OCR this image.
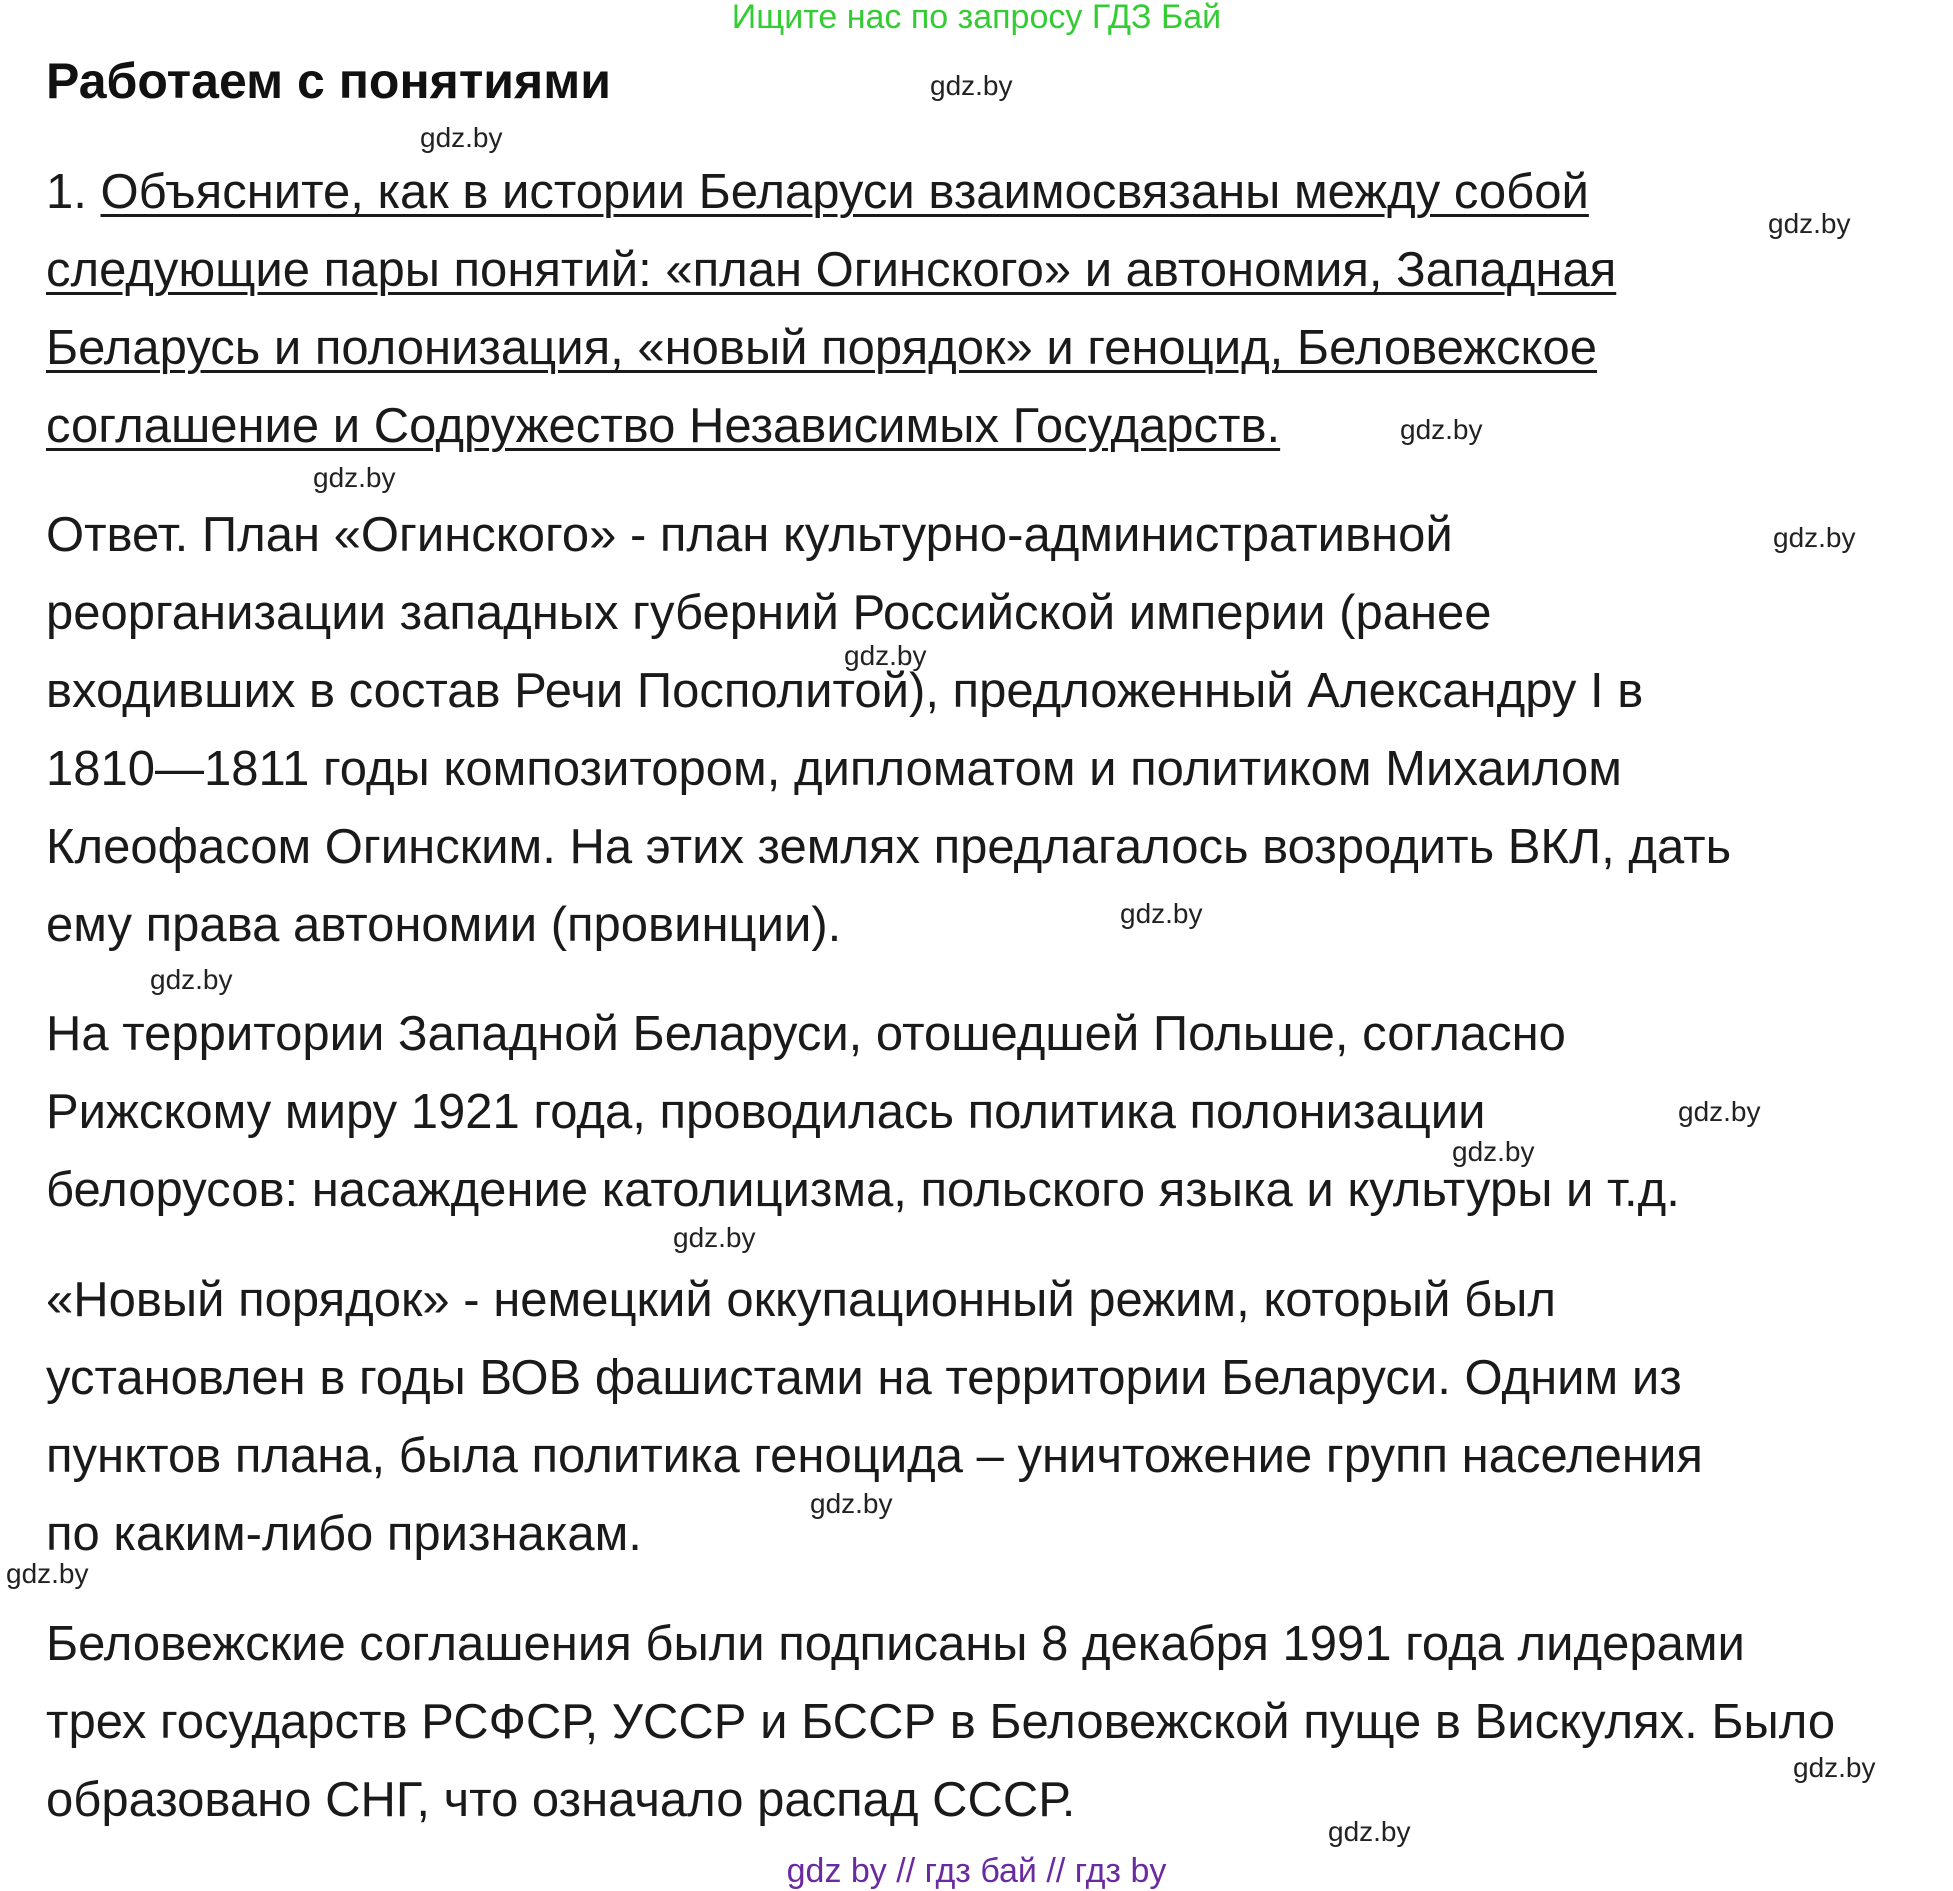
Ищите нас по запросу ГДЗ Бай
Работаем с понятиями
1. Объясните, как в истории Беларуси взаимосвязаны между собой
следующие пары понятий: «план Огинского» и автономия, Западная
Беларусь и полонизация, «новый порядок» и геноцид, Беловежское
соглашение и Содружество Независимых Государств.
Ответ. План «Огинского» - план культурно-административной
реорганизации западных губерний Российской империи (ранее
входивших в состав Речи Посполитой), предложенный Александру I в
1810—1811 годы композитором, дипломатом и политиком Михаилом
Клеофасом Огинским. На этих землях предлагалось возродить ВКЛ, дать
ему права автономии (провинции).
На территории Западной Беларуси, отошедшей Польше, согласно
Рижскому миру 1921 года, проводилась политика полонизации
белорусов: насаждение католицизма, польского языка и культуры и т.д.
«Новый порядок» - немецкий оккупационный режим, который был
установлен в годы ВОВ фашистами на территории Беларуси. Одним из
пунктов плана, была политика геноцида – уничтожение групп населения
по каким-либо признакам.
Беловежские соглашения были подписаны 8 декабря 1991 года лидерами
трех государств РСФСР, УССР и БССР в Беловежской пуще в Вискулях. Было
образовано СНГ, что означало распад СССР.
gdz.by
gdz.by
gdz.by
gdz.by
gdz.by
gdz.by
gdz.by
gdz.by
gdz.by
gdz.by
gdz.by
gdz.by
gdz.by
gdz.by
gdz.by
gdz.by
gdz by // гдз бай // гдз by
